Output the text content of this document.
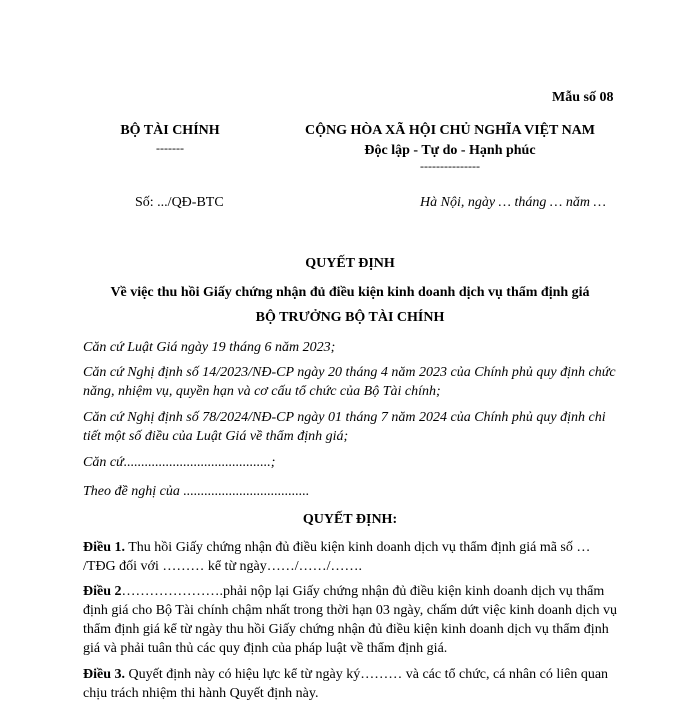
Mẫu số 08
BỘ TÀI CHÍNH
-------
CỘNG HÒA XÃ HỘI CHỦ NGHĨA VIỆT NAM
Độc lập - Tự do - Hạnh phúc
---------------
Số: .../QĐ-BTC	Hà Nội, ngày … tháng … năm …
QUYẾT ĐỊNH
Về việc thu hồi Giấy chứng nhận đủ điều kiện kinh doanh dịch vụ thẩm định giá
BỘ TRƯỞNG BỘ TÀI CHÍNH
Căn cứ Luật Giá ngày 19 tháng 6 năm 2023;
Căn cứ Nghị định số 14/2023/NĐ-CP ngày 20 tháng 4 năm 2023 của Chính phủ quy định chức năng, nhiệm vụ, quyền hạn và cơ cấu tổ chức của Bộ Tài chính;
Căn cứ Nghị định số 78/2024/NĐ-CP ngày 01 tháng 7 năm 2024 của Chính phủ quy định chi tiết một số điều của Luật Giá về thẩm định giá;
Căn cứ..........................................;
Theo đề nghị của ....................................
QUYẾT ĐỊNH:
Điều 1. Thu hồi Giấy chứng nhận đủ điều kiện kinh doanh dịch vụ thẩm định giá mã số … /TĐG đối với ……… kể từ ngày……/……/…….
Điều 2………………….phải nộp lại Giấy chứng nhận đủ điều kiện kinh doanh dịch vụ thẩm định giá cho Bộ Tài chính chậm nhất trong thời hạn 03 ngày, chấm dứt việc kinh doanh dịch vụ thẩm định giá kể từ ngày thu hồi Giấy chứng nhận đủ điều kiện kinh doanh dịch vụ thẩm định giá và phải tuân thủ các quy định của pháp luật về thẩm định giá.
Điều 3. Quyết định này có hiệu lực kể từ ngày ký……… và các tổ chức, cá nhân có liên quan chịu trách nhiệm thi hành Quyết định này.
